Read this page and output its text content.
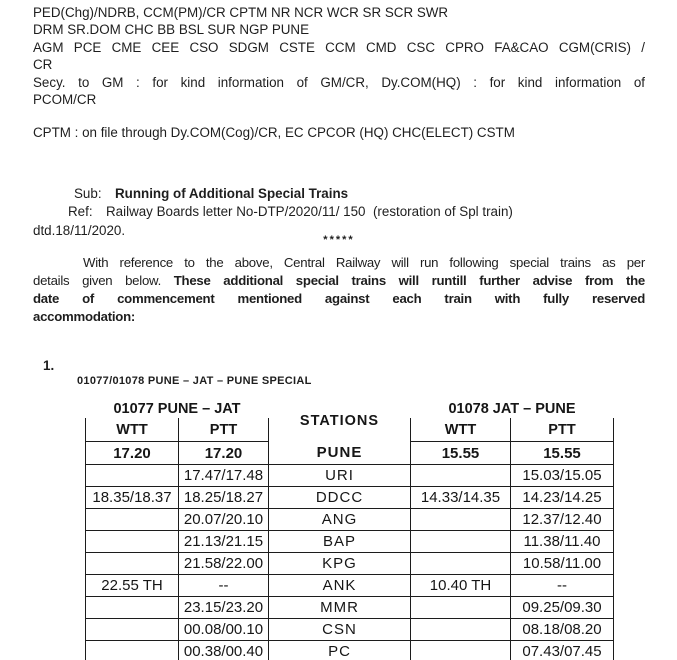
PED(Chg)/NDRB, CCM(PM)/CR CPTM NR NCR WCR SR SCR SWR
DRM SR.DOM CHC BB BSL SUR NGP PUNE
AGM PCE CME CEE CSO SDGM CSTE CCM CMD CSC CPRO FA&CAO CGM(CRIS) /
CR
Secy. to GM : for kind information of GM/CR, Dy.COM(HQ) : for kind information of
PCOM/CR
CPTM : on file through Dy.COM(Cog)/CR, EC CPCOR (HQ) CHC(ELECT) CSTM
Sub: Running of Additional Special Trains
Ref: Railway Boards letter No-DTP/2020/11/ 150  (restoration of Spl train)
dtd.18/11/2020.
*****
With reference to the above, Central Railway will run following special trains as per
details given below. These additional special trains will runtill further advise from the
date of commencement mentioned against each train with fully reserved
accommodation:
1.
01077/01078 PUNE – JAT – PUNE SPECIAL
01077 PUNE – JAT		STATIONS	01078 JAT – PUNE	
WTT	PTT		WTT	PTT
17.20	17.20	PUNE	15.55	15.55
	17.47/17.48	URI		15.03/15.05
18.35/18.37	18.25/18.27	DDCC	14.33/14.35	14.23/14.25
	20.07/20.10	ANG		12.37/12.40
	21.13/21.15	BAP		11.38/11.40
	21.58/22.00	KPG		10.58/11.00
22.55 TH	--	ANK	10.40 TH	--
	23.15/23.20	MMR		09.25/09.30
	00.08/00.10	CSN		08.18/08.20
	00.38/00.40	PC		07.43/07.45
